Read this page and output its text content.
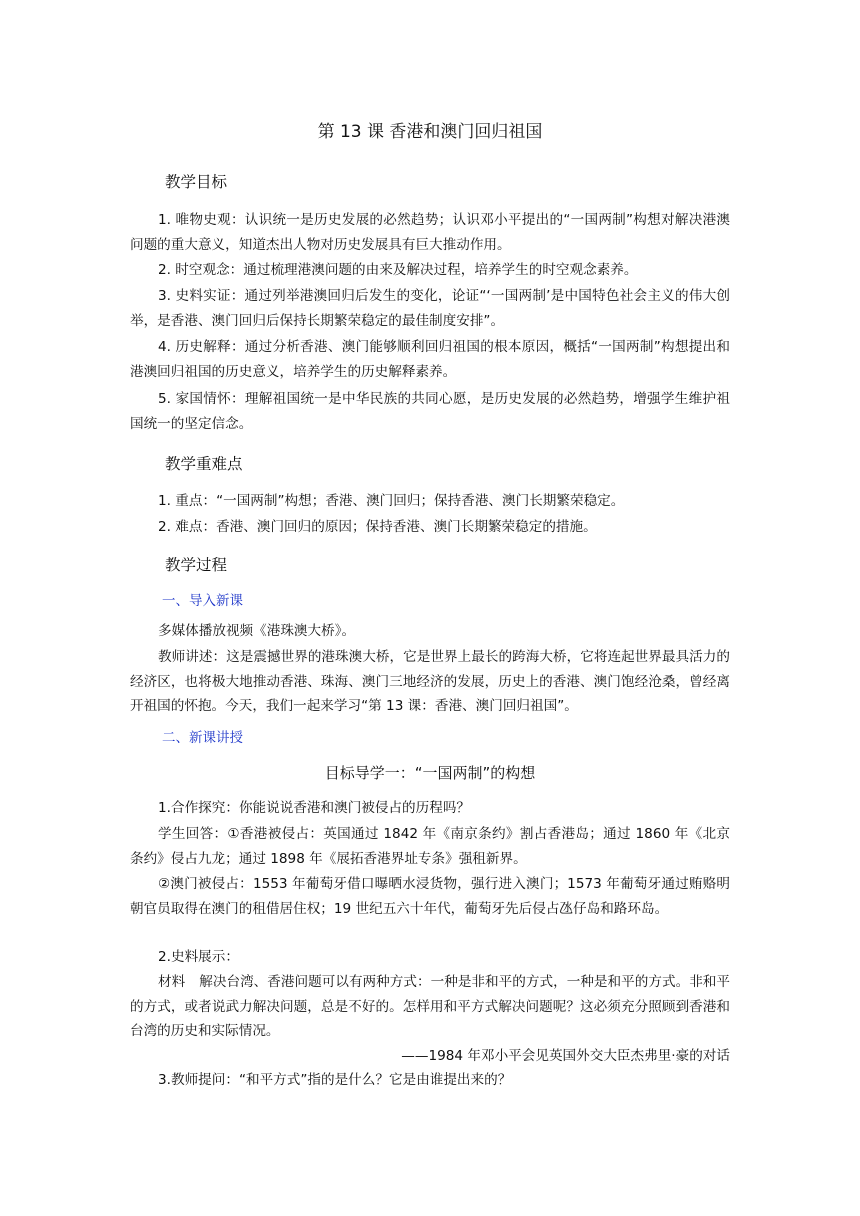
第 13 课 香港和澳门回归祖国
教学目标

1. 唯物史观：认识统一是历史发展的必然趋势；认识邓小平提出的“一国两制”构想对解决港澳问题的重大意义，知道杰出人物对历史发展具有巨大推动作用。

2. 时空观念：通过梳理港澳问题的由来及解决过程，培养学生的时空观念素养。

3. 史料实证：通过列举港澳回归后发生的变化，论证“‘一国两制’是中国特色社会主义的伟大创举，是香港、澳门回归后保持长期繁荣稳定的最佳制度安排”。

4. 历史解释：通过分析香港、澳门能够顺利回归祖国的根本原因，概括“一国两制”构想提出和港澳回归祖国的历史意义，培养学生的历史解释素养。

5. 家国情怀：理解祖国统一是中华民族的共同心愿，是历史发展的必然趋势，增强学生维护祖国统一的坚定信念。

教学重难点

1. 重点：“一国两制”构想；香港、澳门回归；保持香港、澳门长期繁荣稳定。

2. 难点：香港、澳门回归的原因；保持香港、澳门长期繁荣稳定的措施。

教学过程
一、导入新课

多媒体播放视频《港珠澳大桥》。

教师讲述：这是震撼世界的港珠澳大桥，它是世界上最长的跨海大桥，它将连起世界最具活力的经济区，也将极大地推动香港、珠海、澳门三地经济的发展，历史上的香港、澳门饱经沧桑，曾经离开祖国的怀抱。今天，我们一起来学习“第 13 课：香港、澳门回归祖国”。

二、新课讲授
目标导学一：“一国两制”的构想

1.合作探究：你能说说香港和澳门被侵占的历程吗？

学生回答：①香港被侵占：英国通过 1842 年《南京条约》割占香港岛；通过 1860 年《北京条约》侵占九龙；通过 1898 年《展拓香港界址专条》强租新界。

②澳门被侵占：1553 年葡萄牙借口曝晒水浸货物，强行进入澳门；1573 年葡萄牙通过贿赂明朝官员取得在澳门的租借居住权；19 世纪五六十年代，葡萄牙先后侵占氹仔岛和路环岛。

2.史料展示：

材料 解决台湾、香港问题可以有两种方式：一种是非和平的方式，一种是和平的方式。非和平的方式，或者说武力解决问题，总是不好的。怎样用和平方式解决问题呢？这必须充分照顾到香港和台湾的历史和实际情况。

——1984 年邓小平会见英国外交大臣杰弗里·豪的对话

3.教师提问：“和平方式”指的是什么？它是由谁提出来的？
